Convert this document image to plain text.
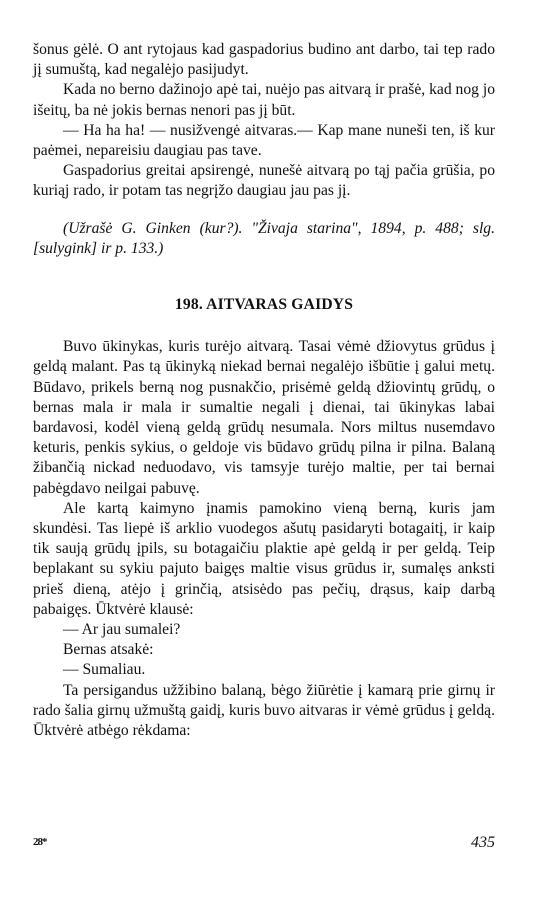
šonus gėlė. O ant rytojaus kad gaspadorius budino ant darbo, tai tep rado jį sumuštą, kad negalėjo pasijudyt.

Kada no berno dažinojo apė tai, nuėjo pas aitvarą ir prašė, kad nog jo išeitų, ba nė jokis bernas nenori pas jį būt.

— Ha ha ha! — nusižvengė aitvaras.— Kap mane nuneši ten, iš kur paėmei, nepareisiu daugiau pas tave.

Gaspadorius greitai apsirengė, nunešė aitvarą po tąj pačia grūšia, po kuriąj rado, ir potam tas negrįžo daugiau jau pas jį.

(Užrašė G. Ginken (kur?). "Živaja starina", 1894, p. 488; slg. [sulygink] ir p. 133.)

198. AITVARAS GAIDYS

Buvo ūkinykas, kuris turėjo aitvarą. Tasai vėmė džiovytus grūdus į geldą malant. Pas tą ūkinyką niekad bernai negalėjo išbūtie į galui metų. Būdavo, prikels berną nog pusnakčio, prisėmė geldą džiovintų grūdų, o bernas mala ir mala ir sumaltie negali į dienai, tai ūkinykas labai bardavosi, kodėl vieną geldą grūdų nesumala. Nors miltus nusemdavo keturis, penkis sykius, o geldoje vis būdavo grūdų pilna ir pilna. Balaną žibančią nickad neduodavo, vis tamsyje turėjo maltie, per tai bernai pabėgdavo neilgai pabuvę.

Ale kartą kaimyno įnamis pamokino vieną berną, kuris jam skundėsi. Tas liepė iš arklio vuodegos ašutų pasidaryti botagaitį, ir kaip tik saują grūdų įpils, su botagaičiu plaktie apė geldą ir per geldą. Teip beplakant su sykiu pajuto baigęs maltie visus grūdus ir, sumalęs anksti prieš dieną, atėjo į grinčią, atsisėdo pas pečių, drąsus, kaip darbą pabaigęs. Ūktvėrė klausė:

— Ar jau sumalei?

Bernas atsakė:

— Sumaliau.

Ta persigandus užžibino balaną, bėgo žiūrėtie į kamarą prie girnų ir rado šalia girnų užmuštą gaidį, kuris buvo aitvaras ir vėmė grūdus į geldą. Ūktvėrė atbėgo rėkdama:

28*	435
